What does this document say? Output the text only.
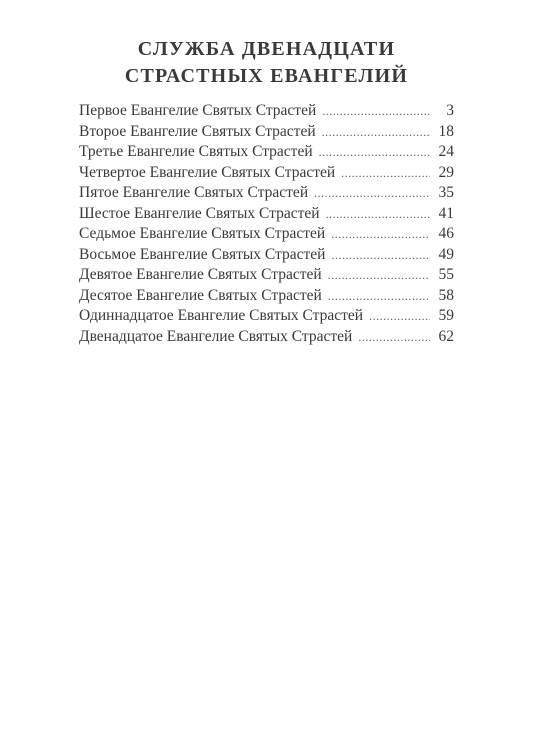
СЛУЖБА ДВЕНАДЦАТИ
СТРАСТНЫХ ЕВАНГЕЛИЙ
Первое Евангелие Святых Страстей .....	3
Второе Евангелие Святых Страстей .....	18
Третье Евангелие Святых Страстей .....	24
Четвертое Евангелие Святых Страстей .....	29
Пятое Евангелие Святых Страстей .....	35
Шестое Евангелие Святых Страстей .....	41
Седьмое Евангелие Святых Страстей .....	46
Восьмое Евангелие Святых Страстей .....	49
Девятое Евангелие Святых Страстей .....	55
Десятое Евангелие Святых Страстей .....	58
Одиннадцатое Евангелие Святых Страстей .....	59
Двенадцатое Евангелие Святых Страстей .....	62
